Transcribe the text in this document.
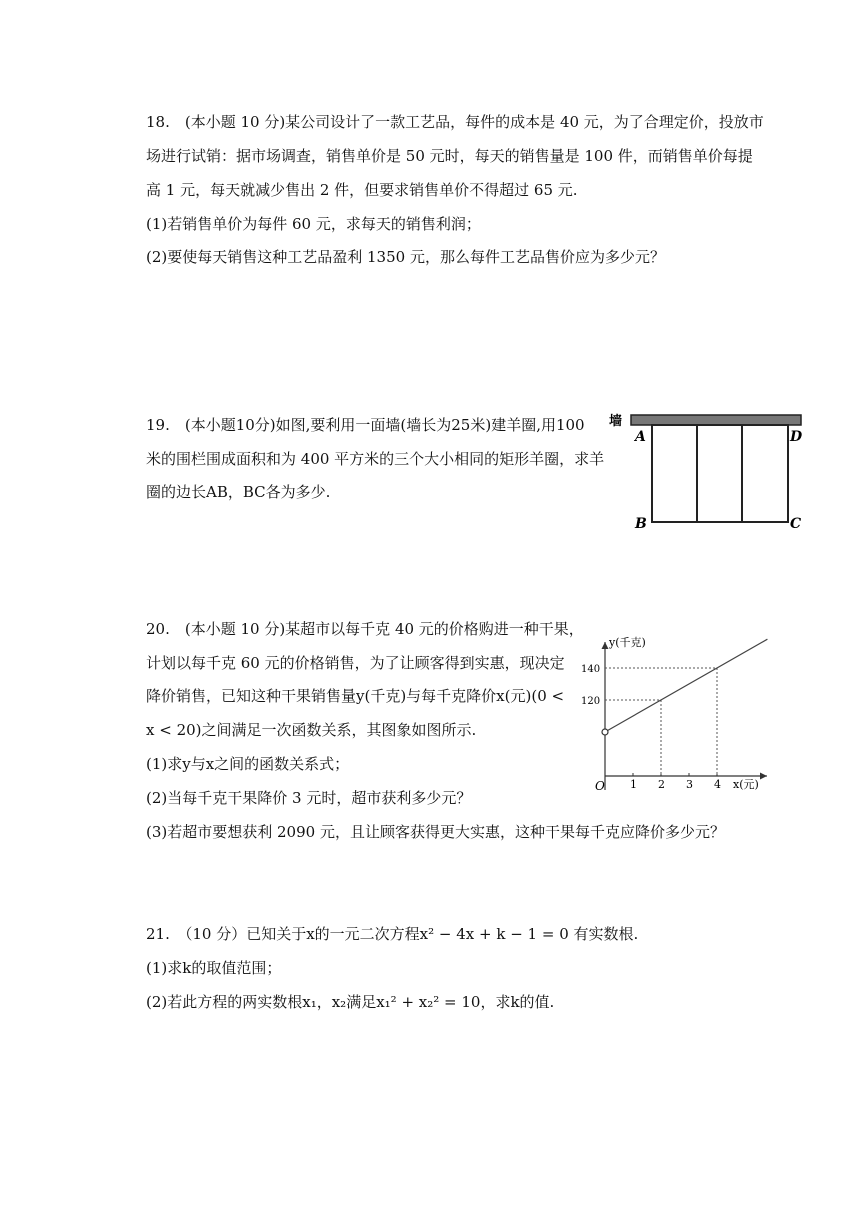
18.　(本小题 10 分)某公司设计了一款工艺品，每件的成本是 40 元，为了合理定价，投放市
场进行试销：据市场调查，销售单价是 50 元时，每天的销售量是 100 件，而销售单价每提
高 1 元，每天就减少售出 2 件，但要求销售单价不得超过 65 元.
(1)若销售单价为每件 60 元，求每天的销售利润；
(2)要使每天销售这种工艺品盈利 1350 元，那么每件工艺品售价应为多少元？
19.　(本小题10分)如图,要利用一面墙(墙长为25米)建羊圈,用100
米的围栏围成面积和为 400 平方米的三个大小相同的矩形羊圈，求羊
圈的边长AB，BC各为多少.
墙
A	D
B	C
20.　(本小题 10 分)某超市以每千克 40 元的价格购进一种干果，
计划以每千克 60 元的价格销售，为了让顾客得到实惠，现决定
降价销售，已知这种干果销售量y(千克)与每千克降价x(元)(0 <
x < 20)之间满足一次函数关系，其图象如图所示.
(1)求y与x之间的函数关系式；
(2)当每千克干果降价 3 元时，超市获利多少元？
(3)若超市要想获利 2090 元，且让顾客获得更大实惠，这种干果每千克应降价多少元？
y(千克)
x(元)
O 1 2 3 4
120
140
21.　（10 分）已知关于x的一元二次方程x² − 4x + k − 1 = 0 有实数根.
(1)求k的取值范围；
(2)若此方程的两实数根x₁，x₂满足x₁² + x₂² = 10，求k的值.
